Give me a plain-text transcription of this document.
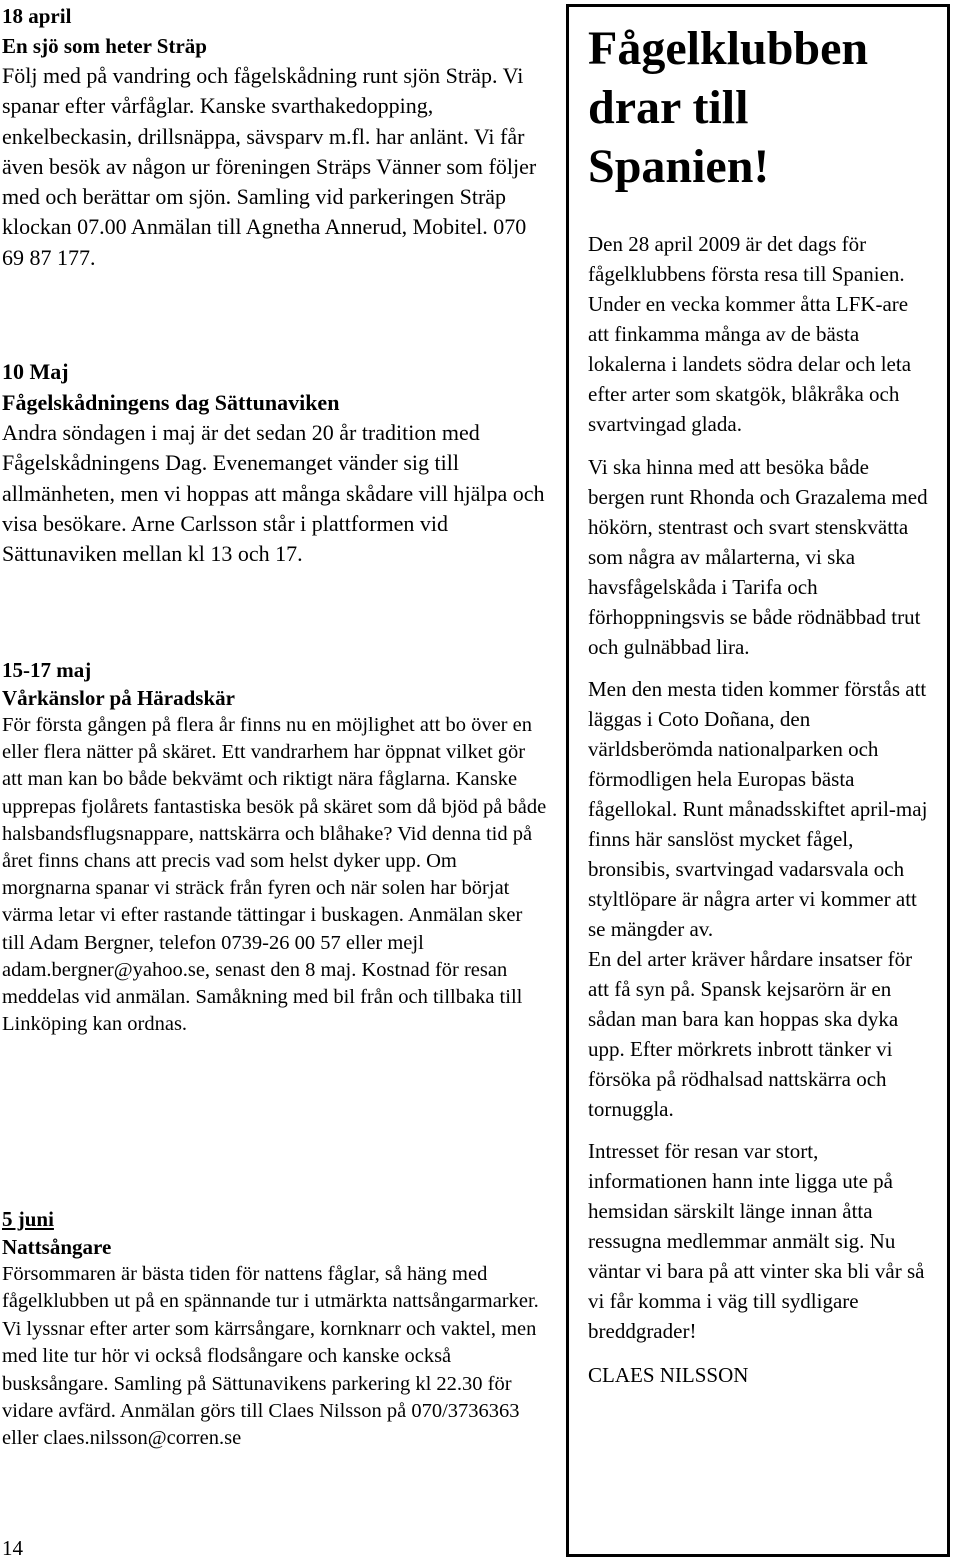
18 april

En sjö som heter Sträp

Följ med på vandring och fågelskådning runt sjön Sträp. Vi spanar efter vårfåglar. Kanske svarthakedopping, enkelbeckasin, drillsnäppa, sävsparv m.fl. har anlänt. Vi får även besök av någon ur föreningen Sträps Vänner som följer med och berättar om sjön. Samling vid parkeringen Sträp klockan 07.00 Anmälan till Agnetha Annerud, Mobitel. 070 69 87 177.

10 Maj

Fågelskådningens dag Sättunaviken

Andra söndagen i maj är det sedan 20 år tradition med Fågelskådningens Dag. Evenemanget vänder sig till allmänheten, men vi hoppas att många skådare vill hjälpa och visa besökare. Arne Carlsson står i plattformen vid Sättunaviken mellan kl 13 och 17.

15-17 maj

Vårkänslor på Häradskär

För första gången på flera år finns nu en möjlighet att bo över en eller flera nätter på skäret. Ett vandrarhem har öppnat vilket gör att man kan bo både bekvämt och riktigt nära fåglarna. Kanske upprepas fjolårets fantastiska besök på skäret som då bjöd på både halsbandsflugsnappare, nattskärra och blåhake? Vid denna tid på året finns chans att precis vad som helst dyker upp. Om morgnarna spanar vi sträck från fyren och när solen har börjat värma letar vi efter rastande tättingar i buskagen. Anmälan sker till Adam Bergner, telefon 0739-26 00 57 eller mejl adam.bergner@yahoo.se, senast den 8 maj. Kostnad för resan meddelas vid anmälan. Samåkning med bil från och tillbaka till Linköping kan ordnas.

5 juni

Nattsångare

Försommaren är bästa tiden för nattens fåglar, så häng med fågelklubben ut på en spännande tur i utmärkta nattsångarmarker. Vi lyssnar efter arter som kärrsångare, kornknarr och vaktel, men med lite tur hör vi också flodsångare och kanske också busksångare. Samling på Sättunavikens parkering kl 22.30 för vidare avfärd. Anmälan görs till Claes Nilsson på 070/3736363 eller claes.nilsson@corren.se

14
Fågelklubben drar till Spanien!

Den 28 april 2009 är det dags för fågelklubbens första resa till Spanien. Under en vecka kommer åtta LFK-are att finkamma många av de bästa lokalerna i landets södra delar och leta efter arter som skatgök, blåkråka och svartvingad glada.

Vi ska hinna med att besöka både bergen runt Rhonda och Grazalema med hökörn, stentrast och svart stenskvätta som några av målarterna, vi ska havsfågelskåda i Tarifa och förhoppningsvis se både rödnäbbad trut och gulnäbbad lira.

Men den mesta tiden kommer förstås att läggas i Coto Doñana, den världsberömda nationalparken och förmodligen hela Europas bästa fågellokal. Runt månadsskiftet april-maj finns här sanslöst mycket fågel, bronsibis, svartvingad vadarsvala och styltlöpare är några arter vi kommer att se mängder av.

En del arter kräver hårdare insatser för att få syn på. Spansk kejsarörn är en sådan man bara kan hoppas ska dyka upp. Efter mörkrets inbrott tänker vi försöka på rödhalsad nattskärra och tornuggla.

Intresset för resan var stort, informationen hann inte ligga ute på hemsidan särskilt länge innan åtta ressugna medlemmar anmält sig. Nu väntar vi bara på att vinter ska bli vår så vi får komma i väg till sydligare breddgrader!

CLAES NILSSON
